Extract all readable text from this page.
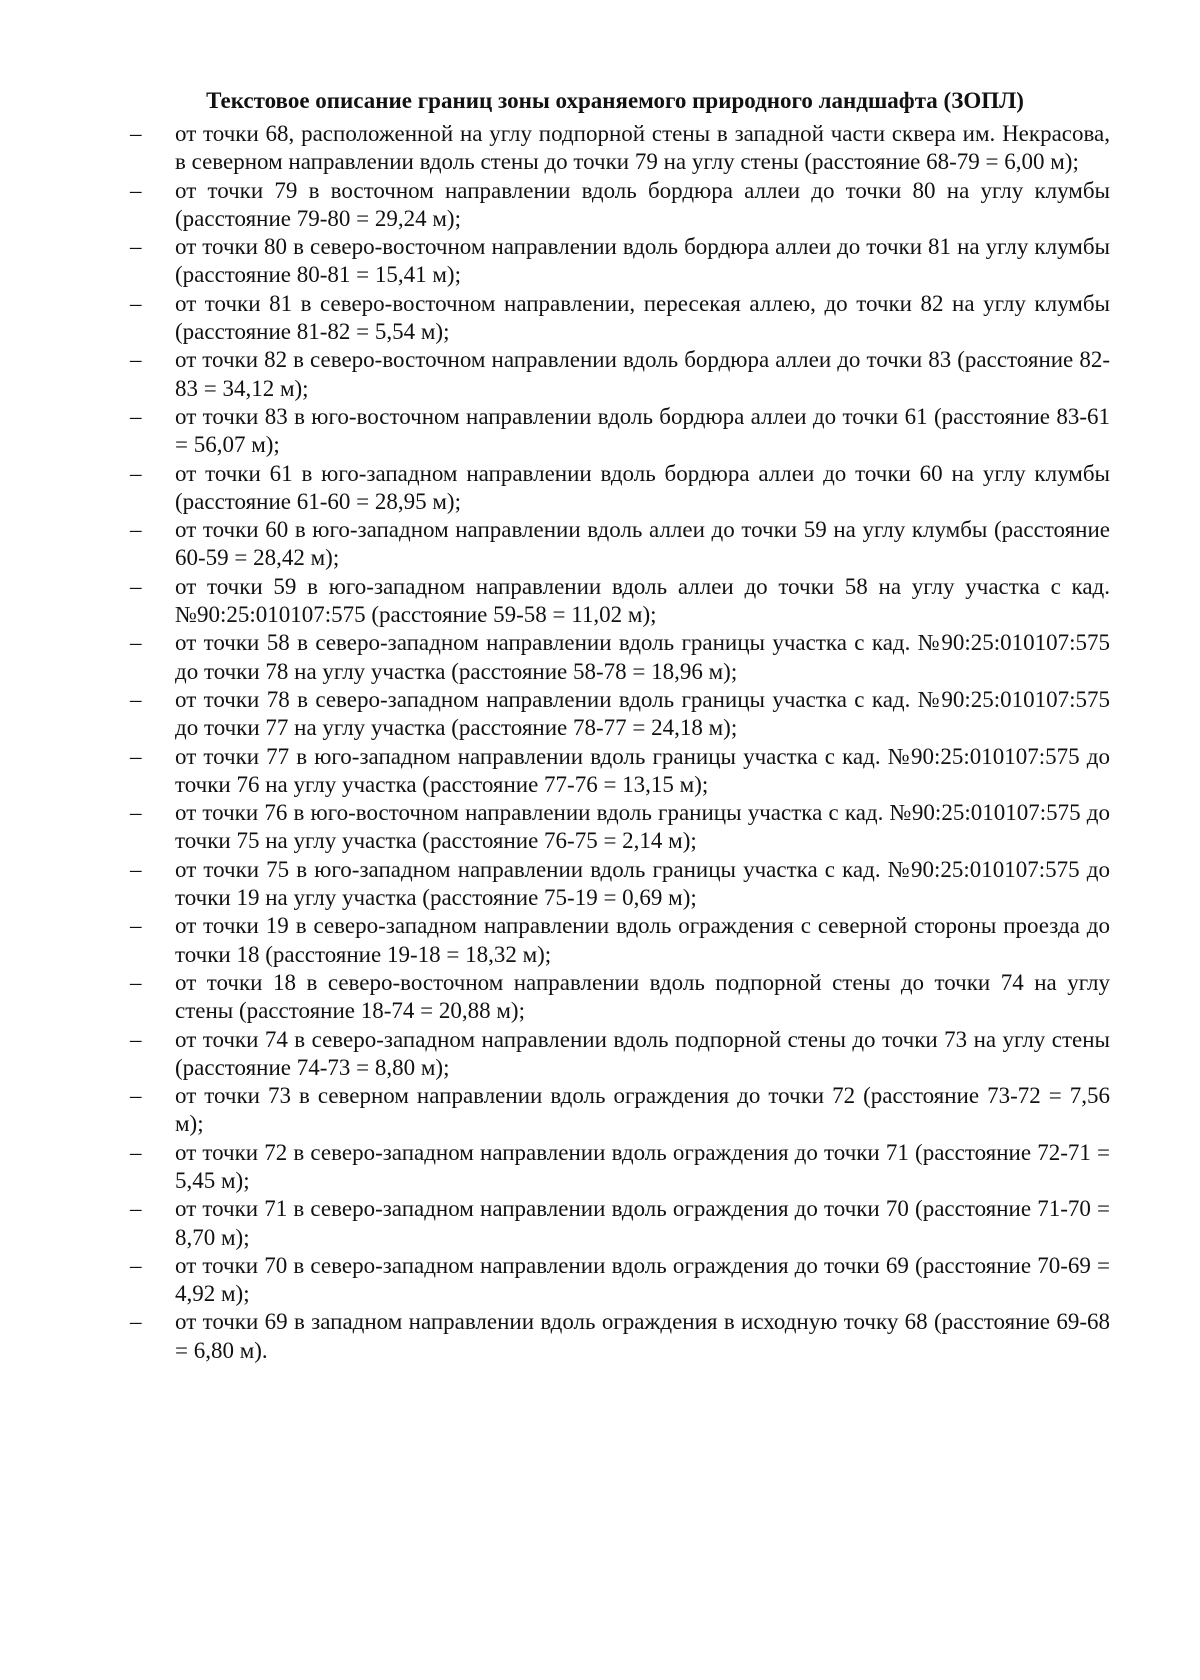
Текстовое описание границ зоны охраняемого природного ландшафта (ЗОПЛ)
– от точки 68, расположенной на углу подпорной стены в западной части сквера им. Некрасова, в северном направлении вдоль стены до точки 79 на углу стены (расстояние 68-79 = 6,00 м);
– от точки 79 в восточном направлении вдоль бордюра аллеи до точки 80 на углу клумбы (расстояние 79-80 = 29,24 м);
– от точки 80 в северо-восточном направлении вдоль бордюра аллеи до точки 81 на углу клумбы (расстояние 80-81 = 15,41 м);
– от точки 81 в северо-восточном направлении, пересекая аллею, до точки 82 на углу клумбы (расстояние 81-82 = 5,54 м);
– от точки 82 в северо-восточном направлении вдоль бордюра аллеи до точки 83 (расстояние 82-83 = 34,12 м);
– от точки 83 в юго-восточном направлении вдоль бордюра аллеи до точки 61 (расстояние 83-61 = 56,07 м);
– от точки 61 в юго-западном направлении вдоль бордюра аллеи до точки 60 на углу клумбы (расстояние 61-60 = 28,95 м);
– от точки 60 в юго-западном направлении вдоль аллеи до точки 59 на углу клумбы (расстояние 60-59 = 28,42 м);
– от точки 59 в юго-западном направлении вдоль аллеи до точки 58 на углу участка с кад. №90:25:010107:575 (расстояние 59-58 = 11,02 м);
– от точки 58 в северо-западном направлении вдоль границы участка с кад. №90:25:010107:575 до точки 78 на углу участка (расстояние 58-78 = 18,96 м);
– от точки 78 в северо-западном направлении вдоль границы участка с кад. №90:25:010107:575 до точки 77 на углу участка (расстояние 78-77 = 24,18 м);
– от точки 77 в юго-западном направлении вдоль границы участка с кад. №90:25:010107:575 до точки 76 на углу участка (расстояние 77-76 = 13,15 м);
– от точки 76 в юго-восточном направлении вдоль границы участка с кад. №90:25:010107:575 до точки 75 на углу участка (расстояние 76-75 = 2,14 м);
– от точки 75 в юго-западном направлении вдоль границы участка с кад. №90:25:010107:575 до точки 19 на углу участка (расстояние 75-19 = 0,69 м);
– от точки 19 в северо-западном направлении вдоль ограждения с северной стороны проезда до точки 18 (расстояние 19-18 = 18,32 м);
– от точки 18 в северо-восточном направлении вдоль подпорной стены до точки 74 на углу стены (расстояние 18-74 = 20,88 м);
– от точки 74 в северо-западном направлении вдоль подпорной стены до точки 73 на углу стены (расстояние 74-73 = 8,80 м);
– от точки 73 в северном направлении вдоль ограждения до точки 72 (расстояние 73-72 = 7,56 м);
– от точки 72 в северо-западном направлении вдоль ограждения до точки 71 (расстояние 72-71 = 5,45 м);
– от точки 71 в северо-западном направлении вдоль ограждения до точки 70 (расстояние 71-70 = 8,70 м);
– от точки 70 в северо-западном направлении вдоль ограждения до точки 69 (расстояние 70-69 = 4,92 м);
– от точки 69 в западном направлении вдоль ограждения в исходную точку 68 (расстояние 69-68 = 6,80 м).
